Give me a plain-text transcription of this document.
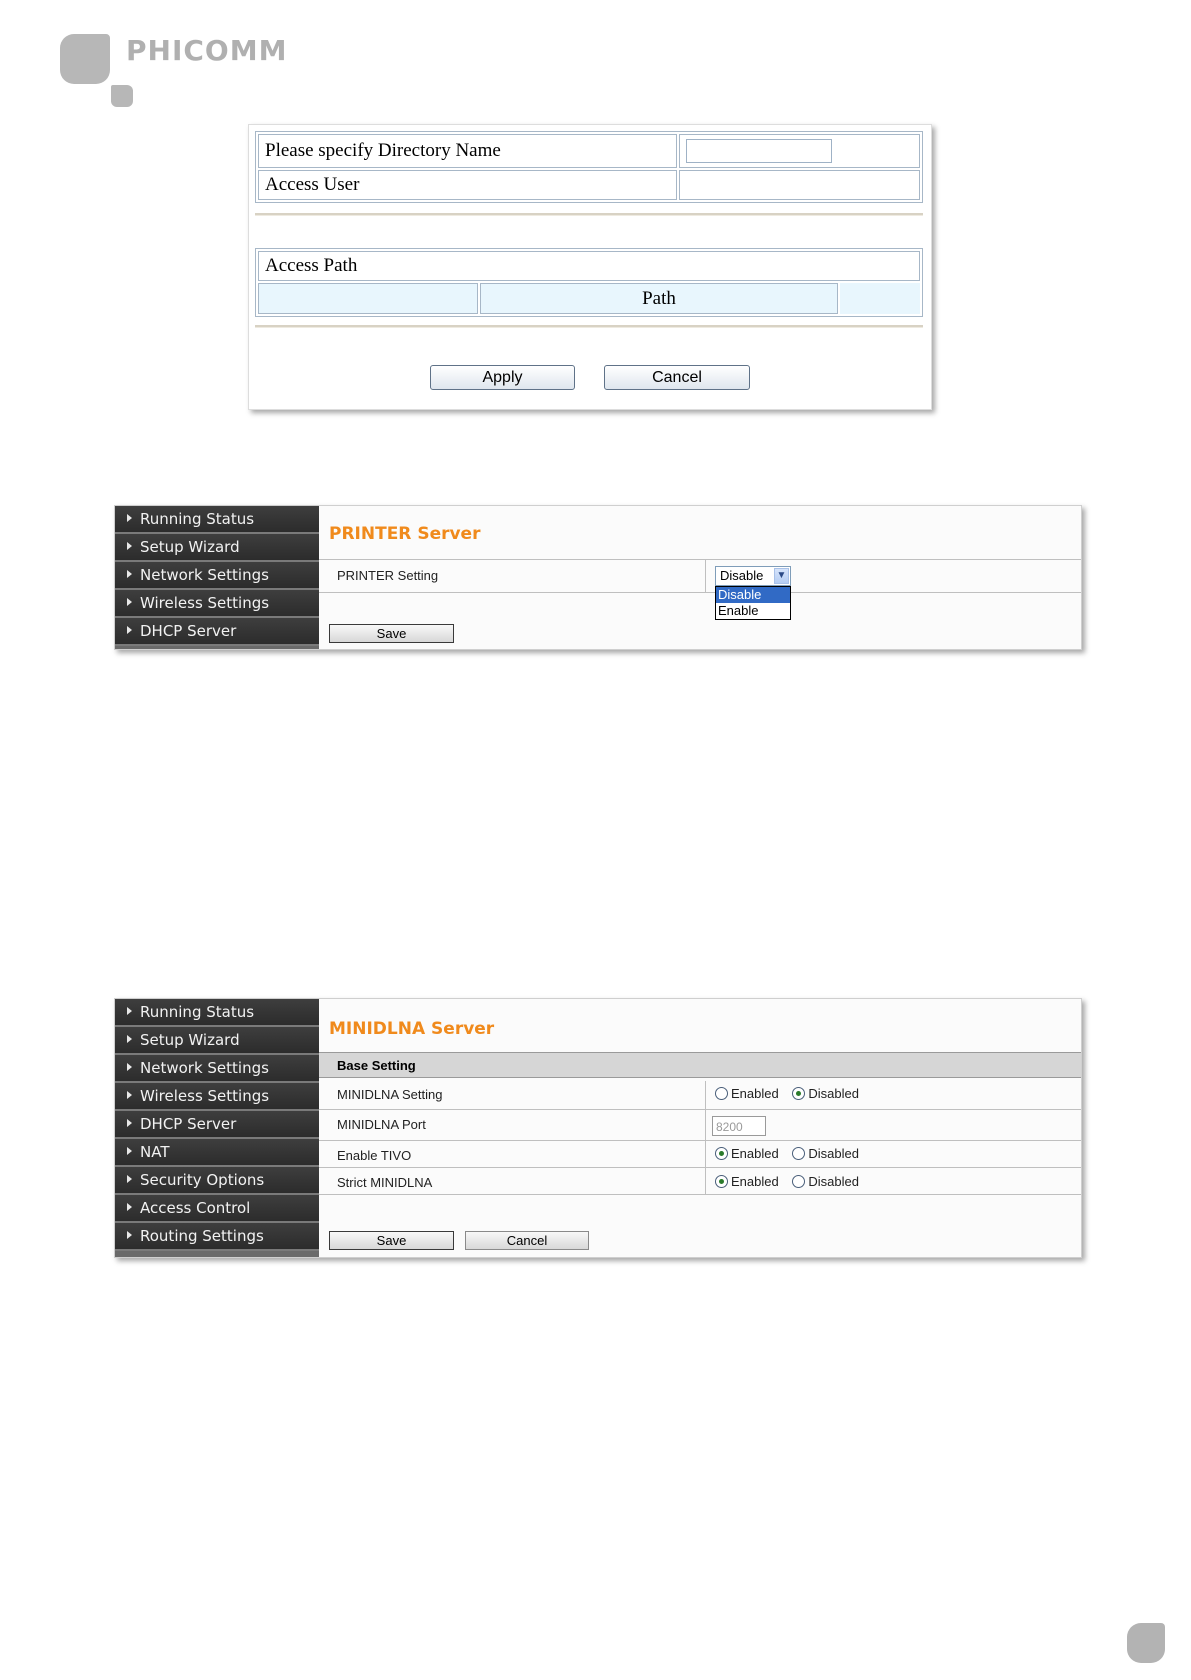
PHICOMM
Please specify Directory Name	
Access User	
Access Path
	Path	
Apply	Cancel
Running Status
Setup Wizard
Network Settings
Wireless Settings
DHCP Server
PRINTER Server
PRINTER Setting	Disable ▼
Disable
Enable
Save
Running Status
Setup Wizard
Network Settings
Wireless Settings
DHCP Server
NAT
Security Options
Access Control
Routing Settings
MINIDLNA Server
Base Setting
MINIDLNA Setting	Enabled Disabled
MINIDLNA Port	8200
Enable TIVO	Enabled Disabled
Strict MINIDLNA	Enabled Disabled
Save	Cancel
